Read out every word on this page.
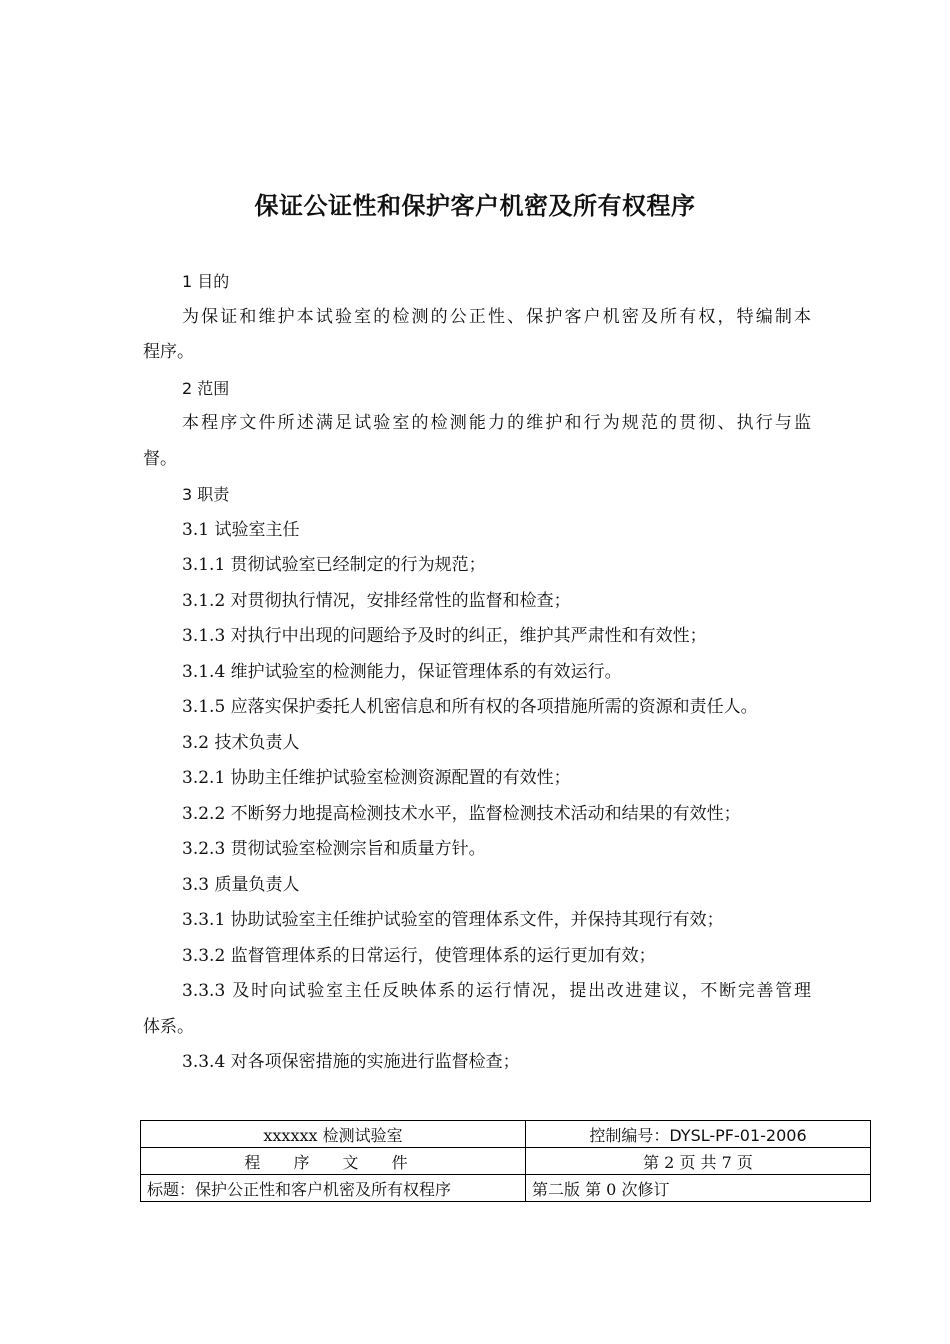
保证公证性和保护客户机密及所有权程序
1 目的
为保证和维护本试验室的检测的公正性、保护客户机密及所有权，特编制本
程序。
2 范围
本程序文件所述满足试验室的检测能力的维护和行为规范的贯彻、执行与监
督。
3 职责
3.1 试验室主任
3.1.1 贯彻试验室已经制定的行为规范；
3.1.2 对贯彻执行情况，安排经常性的监督和检查；
3.1.3 对执行中出现的问题给予及时的纠正，维护其严肃性和有效性；
3.1.4 维护试验室的检测能力，保证管理体系的有效运行。
3.1.5 应落实保护委托人机密信息和所有权的各项措施所需的资源和责任人。
3.2 技术负责人
3.2.1 协助主任维护试验室检测资源配置的有效性；
3.2.2 不断努力地提高检测技术水平，监督检测技术活动和结果的有效性；
3.2.3 贯彻试验室检测宗旨和质量方针。
3.3 质量负责人
3.3.1 协助试验室主任维护试验室的管理体系文件，并保持其现行有效；
3.3.2 监督管理体系的日常运行，使管理体系的运行更加有效；
3.3.3 及时向试验室主任反映体系的运行情况，提出改进建议，不断完善管理
体系。
3.3.4 对各项保密措施的实施进行监督检查；
xxxxxx 检测试验室	控制编号：DYSL-PF-01-2006
程 序 文 件	第 2 页 共 7 页
标题：保护公正性和客户机密及所有权程序	第二版 第 0 次修订
